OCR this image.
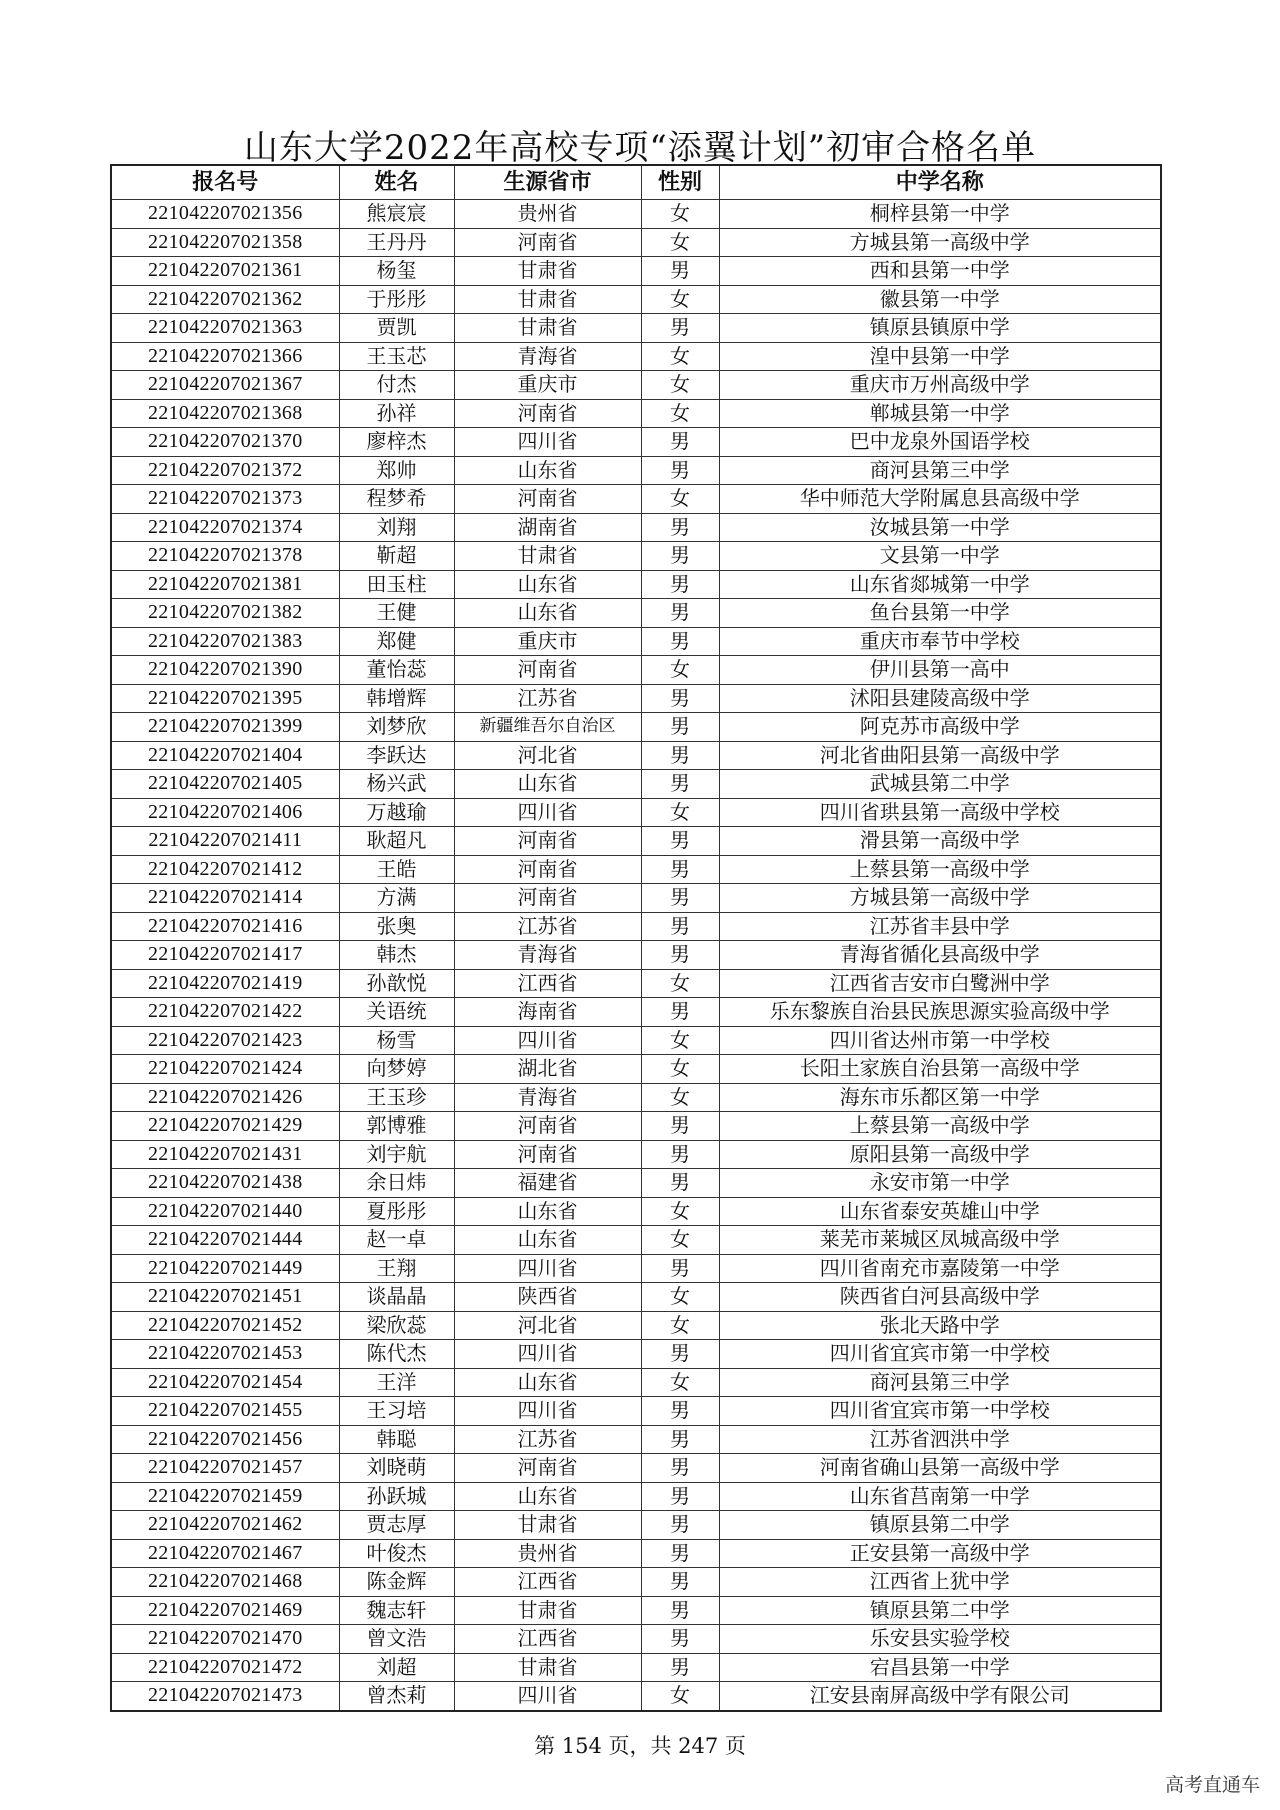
山东大学2022年高校专项“添翼计划”初审合格名单
报名号	姓名	生源省市	性别	中学名称
221042207021356	熊宸宸	贵州省	女	桐梓县第一中学
221042207021358	王丹丹	河南省	女	方城县第一高级中学
221042207021361	杨玺	甘肃省	男	西和县第一中学
221042207021362	于彤彤	甘肃省	女	徽县第一中学
221042207021363	贾凯	甘肃省	男	镇原县镇原中学
221042207021366	王玉芯	青海省	女	湟中县第一中学
221042207021367	付杰	重庆市	女	重庆市万州高级中学
221042207021368	孙祥	河南省	女	郸城县第一中学
221042207021370	廖梓杰	四川省	男	巴中龙泉外国语学校
221042207021372	郑帅	山东省	男	商河县第三中学
221042207021373	程梦希	河南省	女	华中师范大学附属息县高级中学
221042207021374	刘翔	湖南省	男	汝城县第一中学
221042207021378	靳超	甘肃省	男	文县第一中学
221042207021381	田玉柱	山东省	男	山东省郯城第一中学
221042207021382	王健	山东省	男	鱼台县第一中学
221042207021383	郑健	重庆市	男	重庆市奉节中学校
221042207021390	董怡蕊	河南省	女	伊川县第一高中
221042207021395	韩增辉	江苏省	男	沭阳县建陵高级中学
221042207021399	刘梦欣	新疆维吾尔自治区	男	阿克苏市高级中学
221042207021404	李跃达	河北省	男	河北省曲阳县第一高级中学
221042207021405	杨兴武	山东省	男	武城县第二中学
221042207021406	万越瑜	四川省	女	四川省珙县第一高级中学校
221042207021411	耿超凡	河南省	男	滑县第一高级中学
221042207021412	王皓	河南省	男	上蔡县第一高级中学
221042207021414	方满	河南省	男	方城县第一高级中学
221042207021416	张奥	江苏省	男	江苏省丰县中学
221042207021417	韩杰	青海省	男	青海省循化县高级中学
221042207021419	孙歆悦	江西省	女	江西省吉安市白鹭洲中学
221042207021422	关语统	海南省	男	乐东黎族自治县民族思源实验高级中学
221042207021423	杨雪	四川省	女	四川省达州市第一中学校
221042207021424	向梦婷	湖北省	女	长阳土家族自治县第一高级中学
221042207021426	王玉珍	青海省	女	海东市乐都区第一中学
221042207021429	郭博雅	河南省	男	上蔡县第一高级中学
221042207021431	刘宇航	河南省	男	原阳县第一高级中学
221042207021438	余日炜	福建省	男	永安市第一中学
221042207021440	夏彤彤	山东省	女	山东省泰安英雄山中学
221042207021444	赵一卓	山东省	女	莱芜市莱城区凤城高级中学
221042207021449	王翔	四川省	男	四川省南充市嘉陵第一中学
221042207021451	谈晶晶	陕西省	女	陕西省白河县高级中学
221042207021452	梁欣蕊	河北省	女	张北天路中学
221042207021453	陈代杰	四川省	男	四川省宜宾市第一中学校
221042207021454	王洋	山东省	女	商河县第三中学
221042207021455	王习培	四川省	男	四川省宜宾市第一中学校
221042207021456	韩聪	江苏省	男	江苏省泗洪中学
221042207021457	刘晓萌	河南省	男	河南省确山县第一高级中学
221042207021459	孙跃城	山东省	男	山东省莒南第一中学
221042207021462	贾志厚	甘肃省	男	镇原县第二中学
221042207021467	叶俊杰	贵州省	男	正安县第一高级中学
221042207021468	陈金辉	江西省	男	江西省上犹中学
221042207021469	魏志轩	甘肃省	男	镇原县第二中学
221042207021470	曾文浩	江西省	男	乐安县实验学校
221042207021472	刘超	甘肃省	男	宕昌县第一中学
221042207021473	曾杰莉	四川省	女	江安县南屏高级中学有限公司
第 154 页，共 247 页
高考直通车
